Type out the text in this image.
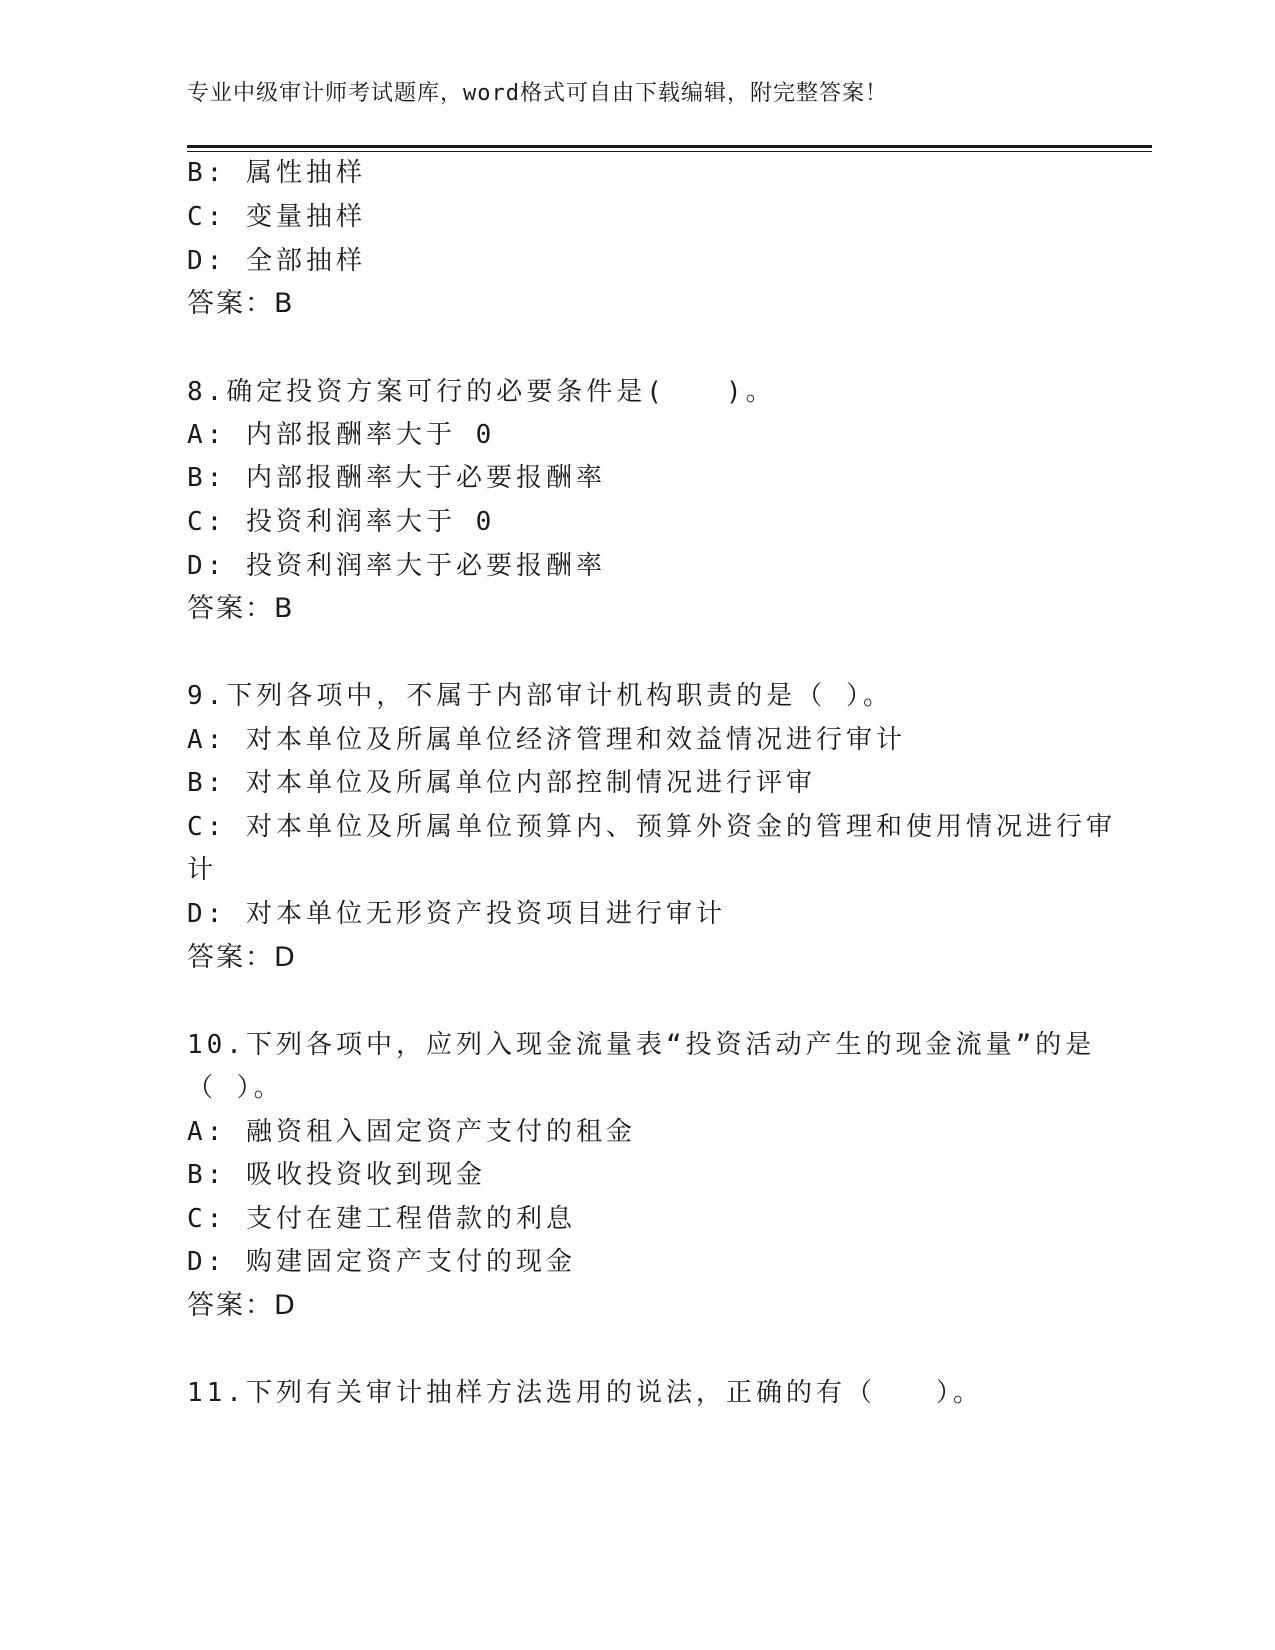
专业中级审计师考试题库，word格式可自由下载编辑，附完整答案！
B: 属性抽样
C: 变量抽样
D: 全部抽样
答案：B
8.确定投资方案可行的必要条件是(　　)。
A: 内部报酬率大于 0
B: 内部报酬率大于必要报酬率
C: 投资利润率大于 0
D: 投资利润率大于必要报酬率
答案：B
9.下列各项中，不属于内部审计机构职责的是（ ）。
A: 对本单位及所属单位经济管理和效益情况进行审计
B: 对本单位及所属单位内部控制情况进行评审
C: 对本单位及所属单位预算内、预算外资金的管理和使用情况进行审
计
D: 对本单位无形资产投资项目进行审计
答案：D
10.下列各项中，应列入现金流量表“投资活动产生的现金流量”的是
（ ）。
A: 融资租入固定资产支付的租金
B: 吸收投资收到现金
C: 支付在建工程借款的利息
D: 购建固定资产支付的现金
答案：D
11.下列有关审计抽样方法选用的说法，正确的有（　　）。
